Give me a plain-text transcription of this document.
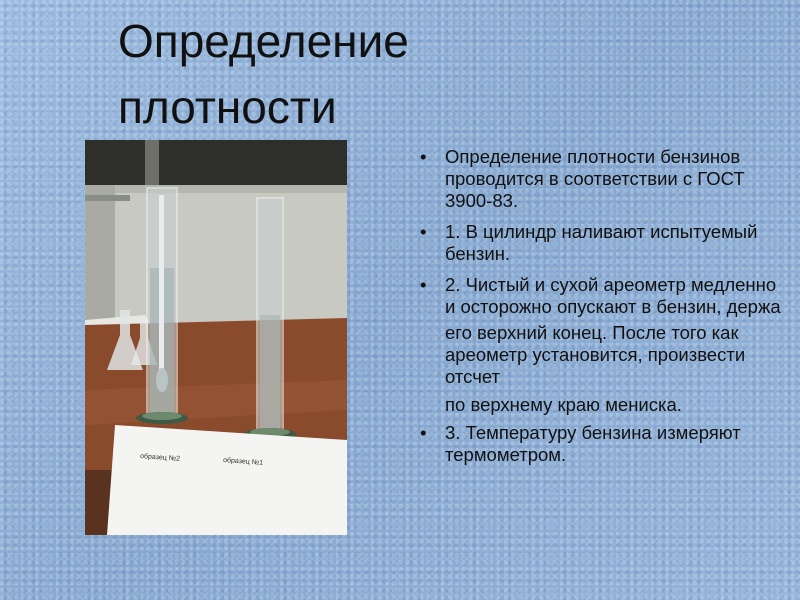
Определение
плотности
образец №2	образец №1
• Определение плотности бензинов проводится в соответствии с ГОСТ 3900-83.
• 1. В цилиндр наливают испытуемый бензин.
• 2. Чистый и сухой ареометр медленно и осторожно опускают в бензин, держа
его верхний конец. После того как ареометр установится, произвести отсчет
по верхнему краю мениска.
• 3. Температуру бензина измеряют термометром.
